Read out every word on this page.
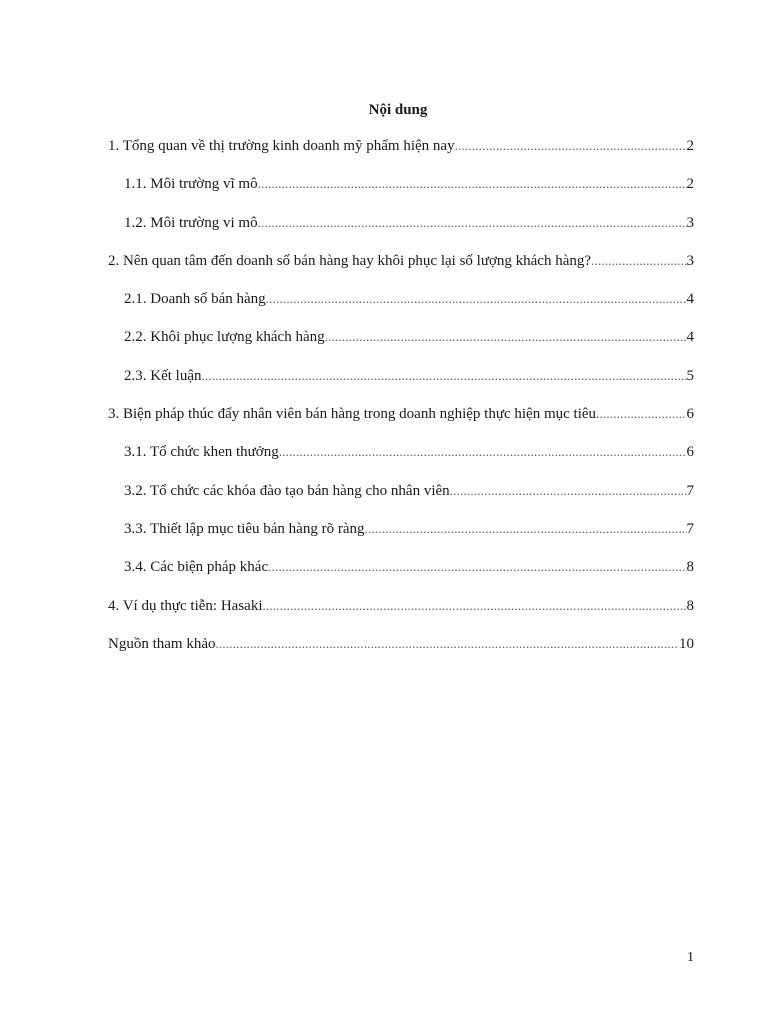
Nội dung
1. Tổng quan về thị trường kinh doanh mỹ phẩm hiện nay .....	2
1.1. Môi trường vĩ mô .....	2
1.2. Môi trường vi mô .....	3
2. Nên quan tâm đến doanh số bán hàng hay khôi phục lại số lượng khách hàng? .....	3
2.1. Doanh số bán hàng .....	4
2.2. Khôi phục lượng khách hàng .....	4
2.3. Kết luận .....	5
3. Biện pháp thúc đẩy nhân viên bán hàng trong doanh nghiệp thực hiện mục tiêu .....	6
3.1. Tổ chức khen thưởng .....	6
3.2. Tổ chức các khóa đào tạo bán hàng cho nhân viên .....	7
3.3. Thiết lập mục tiêu bán hàng rõ ràng .....	7
3.4. Các biện pháp khác .....	8
4. Ví dụ thực tiễn: Hasaki .....	8
Nguồn tham khảo .....	10
1
